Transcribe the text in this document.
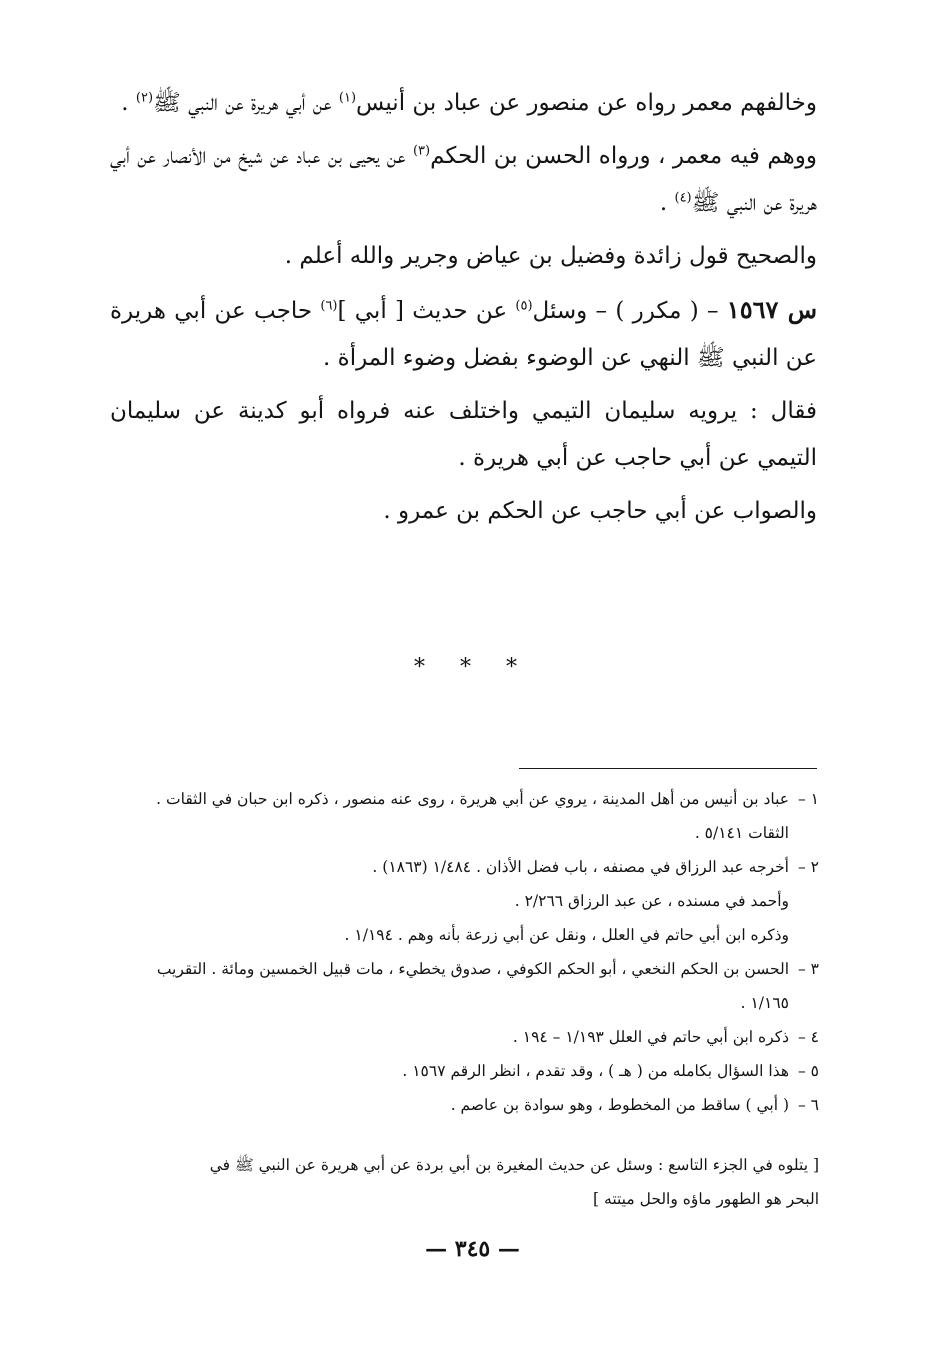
وخالفهم معمر رواه عن منصور عن عباد بن أنيس$^{(١)}$ عن أبي هريرة عن النبي ﷺ$^{(٢)}$ .

ووهم فيه معمر ، ورواه الحسن بن الحكم$^{(٣)}$ عن يحيى بن عباد عن شيخ من الأنصار عن أبي هريرة عن النبي ﷺ$^{(٤)}$ .

والصحيح قول زائدة وفضيل بن عياض وجرير والله أعلم .

س ١٥٦٧ – ( مكرر ) – وسئل$^{(٥)}$ عن حديث [ أبي ]$^{(٦)}$ حاجب عن أبي هريرة عن النبي ﷺ النهي عن الوضوء بفضل وضوء المرأة .

فقال : يرويه سليمان التيمي واختلف عنه فرواه أبو كدينة عن سليمان التيمي عن أبي حاجب عن أبي هريرة .

والصواب عن أبي حاجب عن الحكم بن عمرو .

* * *
١ –عباد بن أنيس من أهل المدينة ، يروي عن أبي هريرة ، روى عنه منصور ، ذكره ابن حبان في الثقات .
الثقات ٥/١٤١ .
٢ –أخرجه عبد الرزاق في مصنفه ، باب فضل الأذان . ١/٤٨٤ (١٨٦٣) .
وأحمد في مسنده ، عن عبد الرزاق ٢/٢٦٦ .
وذكره ابن أبي حاتم في العلل ، ونقل عن أبي زرعة بأنه وهم . ١/١٩٤ .
٣ –الحسن بن الحكم النخعي ، أبو الحكم الكوفي ، صدوق يخطيء ، مات قبيل الخمسين ومائة . التقريب
١/١٦٥ .
٤ –ذكره ابن أبي حاتم في العلل ١/١٩٣ – ١٩٤ .
٥ –هذا السؤال بكامله من ( هـ ) ، وقد تقدم ، انظر الرقم ١٥٦٧ .
٦ –( أبي ) ساقط من المخطوط ، وهو سوادة بن عاصم .
[ يتلوه في الجزء التاسع : وسئل عن حديث المغيرة بن أبي بردة عن أبي هريرة عن النبي ﷺ في
البحر هو الطهور ماؤه والحل ميتته ]
— ٣٤٥ —
